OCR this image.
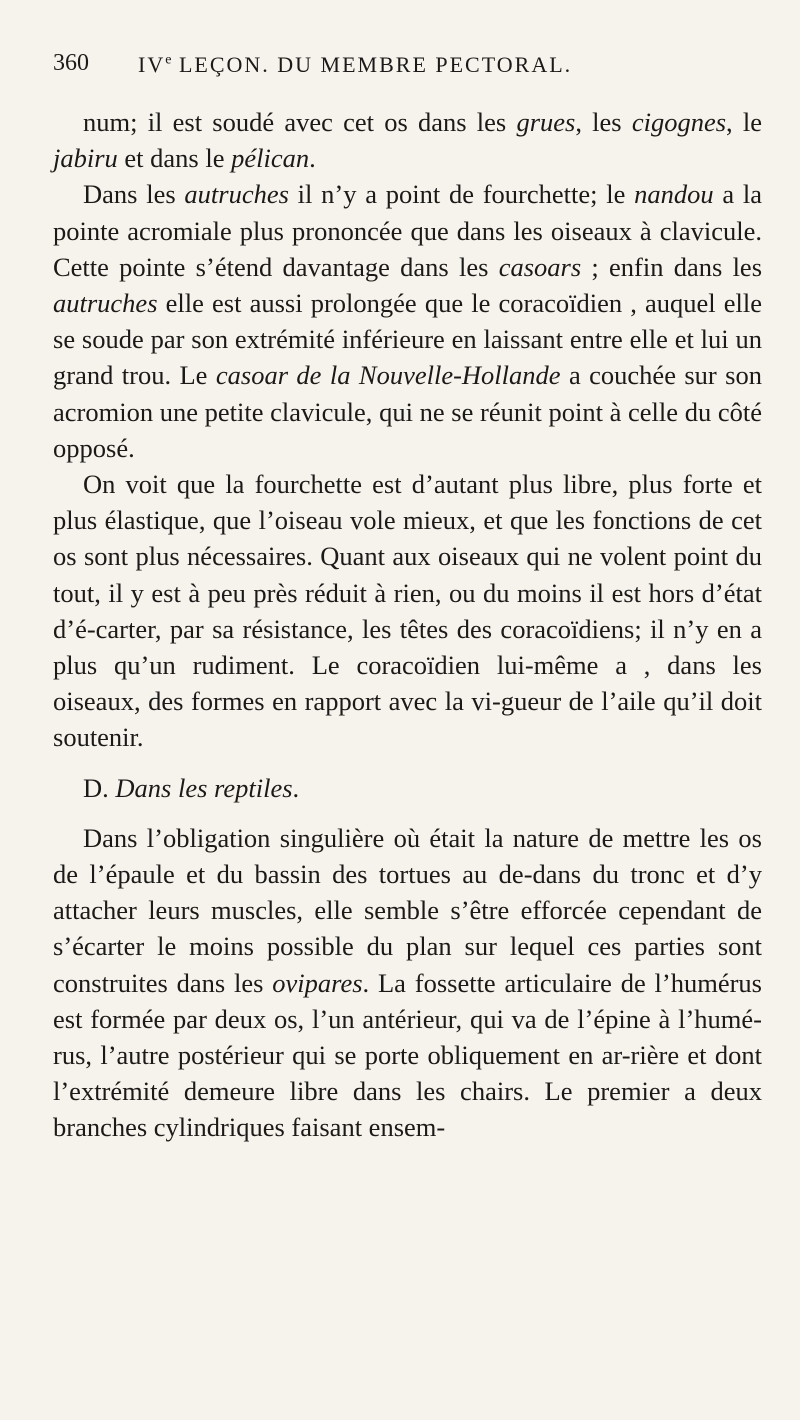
360 IVe LEÇON. DU MEMBRE PECTORAL.

num; il est soudé avec cet os dans les grues, les cigognes, le jabiru et dans le pélican.

Dans les autruches il n’y a point de fourchette; le nandou a la pointe acromiale plus prononcée que dans les oiseaux à clavicule. Cette pointe s’étend davantage dans les casoars ; enfin dans les autruches elle est aussi prolongée que le coracoïdien , auquel elle se soude par son extrémité inférieure en laissant entre elle et lui un grand trou. Le casoar de la Nouvelle-Hollande a couchée sur son acromion une petite clavicule, qui ne se réunit point à celle du côté opposé.

On voit que la fourchette est d’autant plus libre, plus forte et plus élastique, que l’oiseau vole mieux, et que les fonctions de cet os sont plus nécessaires. Quant aux oiseaux qui ne volent point du tout, il y est à peu près réduit à rien, ou du moins il est hors d’état d’é-carter, par sa résistance, les têtes des coracoïdiens; il n’y en a plus qu’un rudiment. Le coracoïdien lui-même a , dans les oiseaux, des formes en rapport avec la vi-gueur de l’aile qu’il doit soutenir.

D. Dans les reptiles.

Dans l’obligation singulière où était la nature de mettre les os de l’épaule et du bassin des tortues au de-dans du tronc et d’y attacher leurs muscles, elle semble s’être efforcée cependant de s’écarter le moins possible du plan sur lequel ces parties sont construites dans les ovipares. La fossette articulaire de l’humérus est formée par deux os, l’un antérieur, qui va de l’épine à l’humé-rus, l’autre postérieur qui se porte obliquement en ar-rière et dont l’extrémité demeure libre dans les chairs. Le premier a deux branches cylindriques faisant ensem-
